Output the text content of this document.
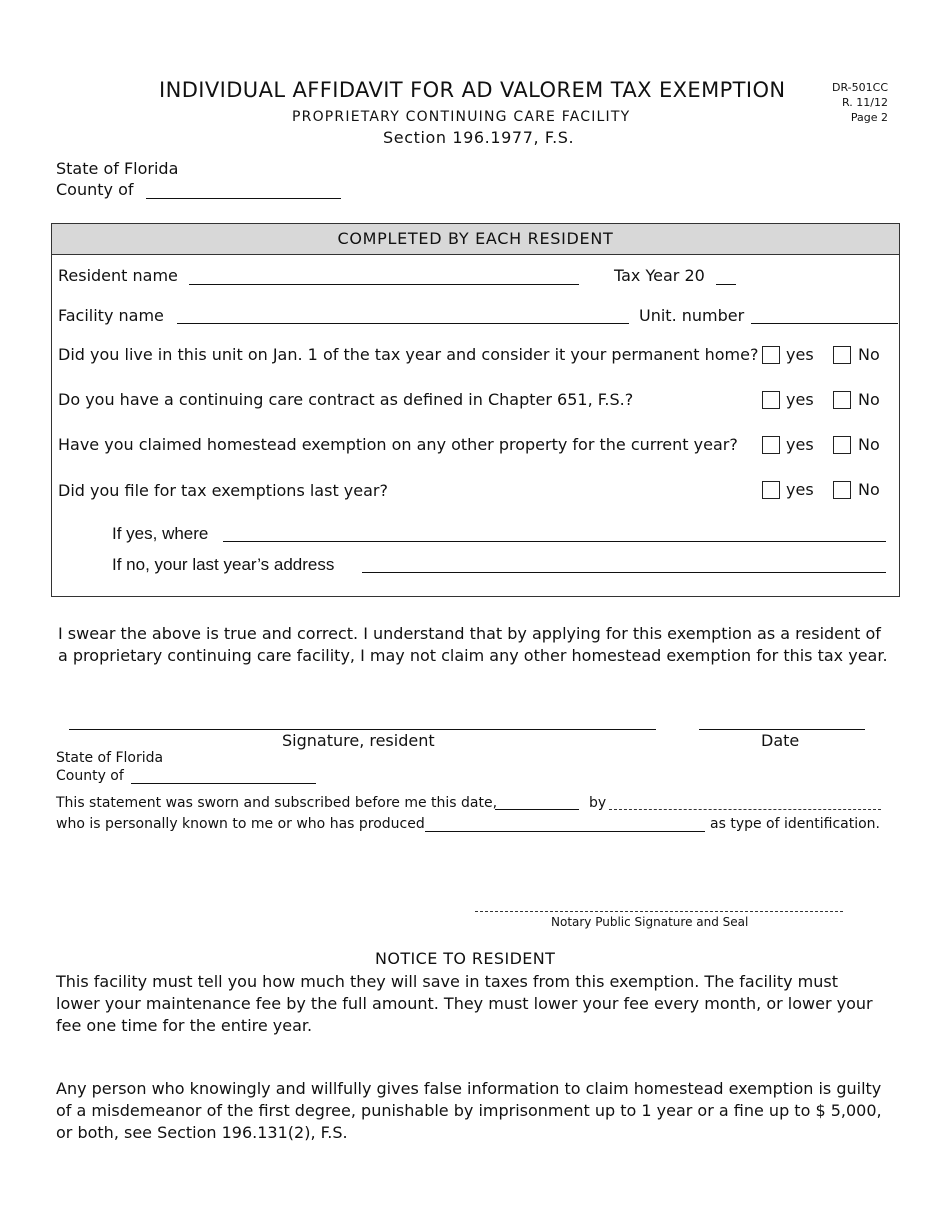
INDIVIDUAL AFFIDAVIT FOR AD VALOREM TAX EXEMPTION
PROPRIETARY CONTINUING CARE FACILITY
Section 196.1977, F.S.
DR-501CC
R. 11/12
Page 2
State of Florida
County of
COMPLETED BY EACH RESIDENT
Resident name	Tax Year 20
Facility name	Unit. number
Did you live in this unit on Jan. 1 of the tax year and consider it your permanent home? yes	No
Do you have a continuing care contract as defined in Chapter 651, F.S.?	yes	No
Have you claimed homestead exemption on any other property for the current year?	yes	No
Did you file for tax exemptions last year?	yes	No
If yes, where
If no, your last year’s address
I swear the above is true and correct. I understand that by applying for this exemption as a resident of
a proprietary continuing care facility, I may not claim any other homestead exemption for this tax year.
Signature, resident	Date
State of Florida
County of
This statement was sworn and subscribed before me this date,	by
who is personally known to me or who has produced	as type of identification.
Notary Public Signature and Seal
NOTICE TO RESIDENT
This facility must tell you how much they will save in taxes from this exemption. The facility must
lower your maintenance fee by the full amount. They must lower your fee every month, or lower your
fee one time for the entire year.
Any person who knowingly and willfully gives false information to claim homestead exemption is guilty
of a misdemeanor of the first degree, punishable by imprisonment up to 1 year or a fine up to $ 5,000,
or both, see Section 196.131(2), F.S.
